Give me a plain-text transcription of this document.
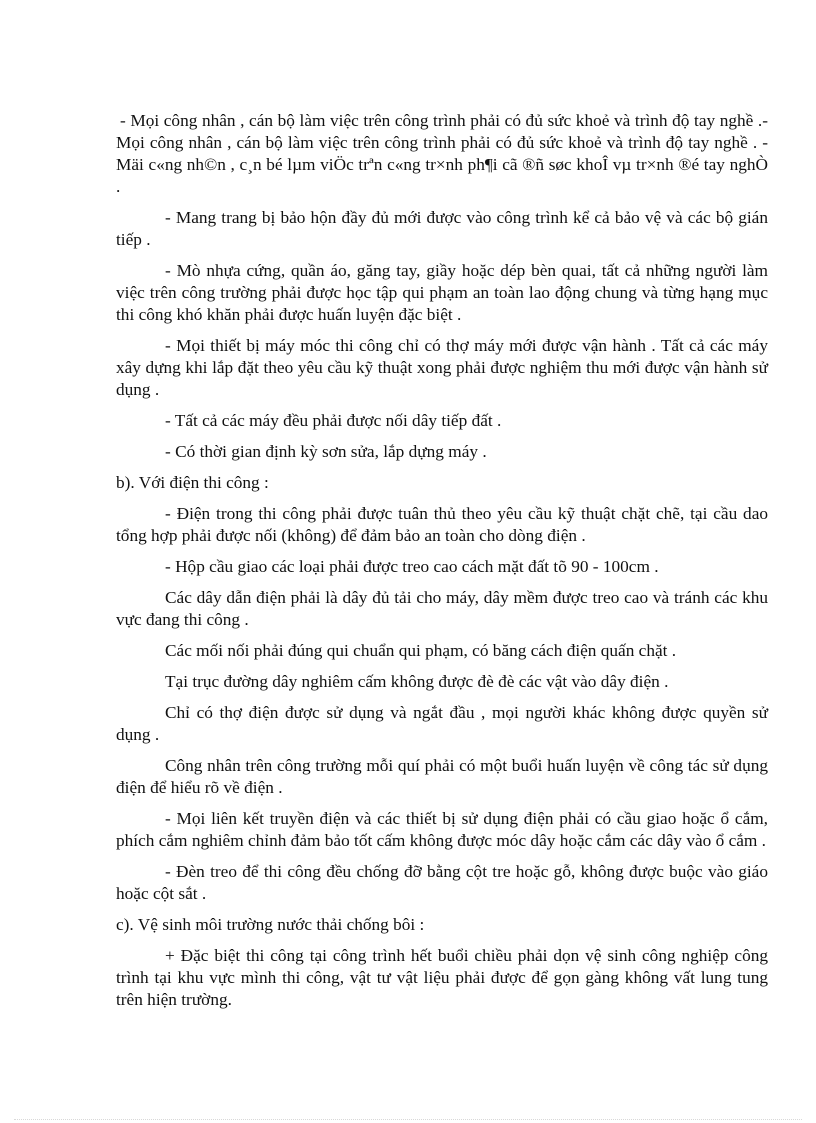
- Mọi công nhân , cán bộ làm việc trên công trình phải có đủ sức khoẻ và trình độ tay nghề .- Mọi công nhân , cán bộ làm việc trên công trình phải có đủ sức khoẻ và trình độ tay nghề . - Mäi c«ng nh©n , c¸n bé lµm viÖc trªn c«ng tr×nh ph¶i cã ®ñ søc khoÎ vµ tr×nh ®é tay nghÒ .

- Mang trang bị bảo hộn đầy đủ mới được vào công trình kể cả bảo vệ và các bộ gián tiếp .

- Mò nhựa cứng, quần áo, găng tay, giầy hoặc dép bèn quai, tất cả những người làm việc trên công trường phải được học tập qui phạm an toàn lao động chung và từng hạng mục thi công khó khăn phải được huấn luyện đặc biệt .

- Mọi thiết bị máy móc thi công chỉ có thợ máy mới được vận hành . Tất cả các máy xây dựng khi lắp đặt theo yêu cầu kỹ thuật xong phải được nghiệm thu mới được vận hành sử dụng .

- Tất cả các máy đều phải được nối dây tiếp đất .

- Có thời gian định kỳ sơn sửa, lắp dựng máy .

b). Với điện thi công :

- Điện trong thi công phải được tuân thủ theo yêu cầu kỹ thuật chặt chẽ, tại cầu dao tổng hợp phải được nối (không) để đảm bảo an toàn cho dòng điện .

- Hộp cầu giao các loại phải được treo cao cách mặt đất tõ 90 - 100cm .

Các dây dẫn điện phải là dây đủ tải cho máy, dây mềm được treo cao và tránh các khu vực đang thi công .

Các mối nối phải đúng qui chuẩn qui phạm, có băng cách điện quấn chặt .

Tại trục đường dây nghiêm cấm không được đè đè các vật vào dây điện .

Chỉ có thợ điện được sử dụng và ngắt đầu , mọi người khác không được quyền sử dụng .

Công nhân trên công trường mỗi quí phải có một buổi huấn luyện về công tác sử dụng điện để hiểu rõ về điện .

- Mọi liên kết truyền điện và các thiết bị sử dụng điện phải có cầu giao hoặc ổ cắm, phích cắm nghiêm chỉnh đảm bảo tốt cấm không được móc dây hoặc cắm các dây vào ổ cắm .

- Đèn treo để thi công đều chống đỡ bằng cột tre hoặc gỗ, không được buộc vào giáo hoặc cột sắt .

c). Vệ sinh môi trường nước thải chống bôi :

+ Đặc biệt thi công tại công trình hết buổi chiều phải dọn vệ sinh công nghiệp công trình tại khu vực mình thi công, vật tư vật liệu phải được để gọn gàng không vất lung tung trên hiện trường.
